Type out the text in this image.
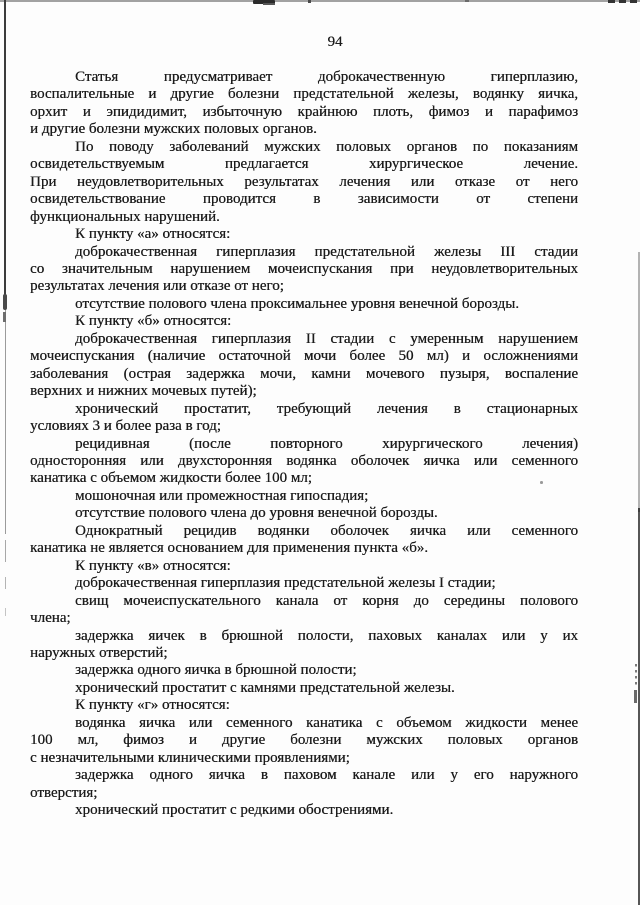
94
Статья предусматривает доброкачественную гиперплазию,
воспалительные и другие болезни предстательной железы, водянку яичка,
орхит и эпидидимит, избыточную крайнюю плоть, фимоз и парафимоз
и другие болезни мужских половых органов.
По поводу заболеваний мужских половых органов по показаниям
освидетельствуемым предлагается хирургическое лечение.
При неудовлетворительных результатах лечения или отказе от него
освидетельствование проводится в зависимости от степени
функциональных нарушений.
К пункту «а» относятся:
доброкачественная гиперплазия предстательной железы III стадии
со значительным нарушением мочеиспускания при неудовлетворительных
результатах лечения или отказе от него;
отсутствие полового члена проксимальнее уровня венечной борозды.
К пункту «б» относятся:
доброкачественная гиперплазия II стадии с умеренным нарушением
мочеиспускания (наличие остаточной мочи более 50 мл) и осложнениями
заболевания (острая задержка мочи, камни мочевого пузыря, воспаление
верхних и нижних мочевых путей);
хронический простатит, требующий лечения в стационарных
условиях 3 и более раза в год;
рецидивная (после повторного хирургического лечения)
односторонняя или двухсторонняя водянка оболочек яичка или семенного
канатика с объемом жидкости более 100 мл;
мошоночная или промежностная гипоспадия;
отсутствие полового члена до уровня венечной борозды.
Однократный рецидив водянки оболочек яичка или семенного
канатика не является основанием для применения пункта «б».
К пункту «в» относятся:
доброкачественная гиперплазия предстательной железы I стадии;
свищ мочеиспускательного канала от корня до середины полового
члена;
задержка яичек в брюшной полости, паховых каналах или у их
наружных отверстий;
задержка одного яичка в брюшной полости;
хронический простатит с камнями предстательной железы.
К пункту «г» относятся:
водянка яичка или семенного канатика с объемом жидкости менее
100 мл, фимоз и другие болезни мужских половых органов
с незначительными клиническими проявлениями;
задержка одного яичка в паховом канале или у его наружного
отверстия;
хронический простатит с редкими обострениями.
